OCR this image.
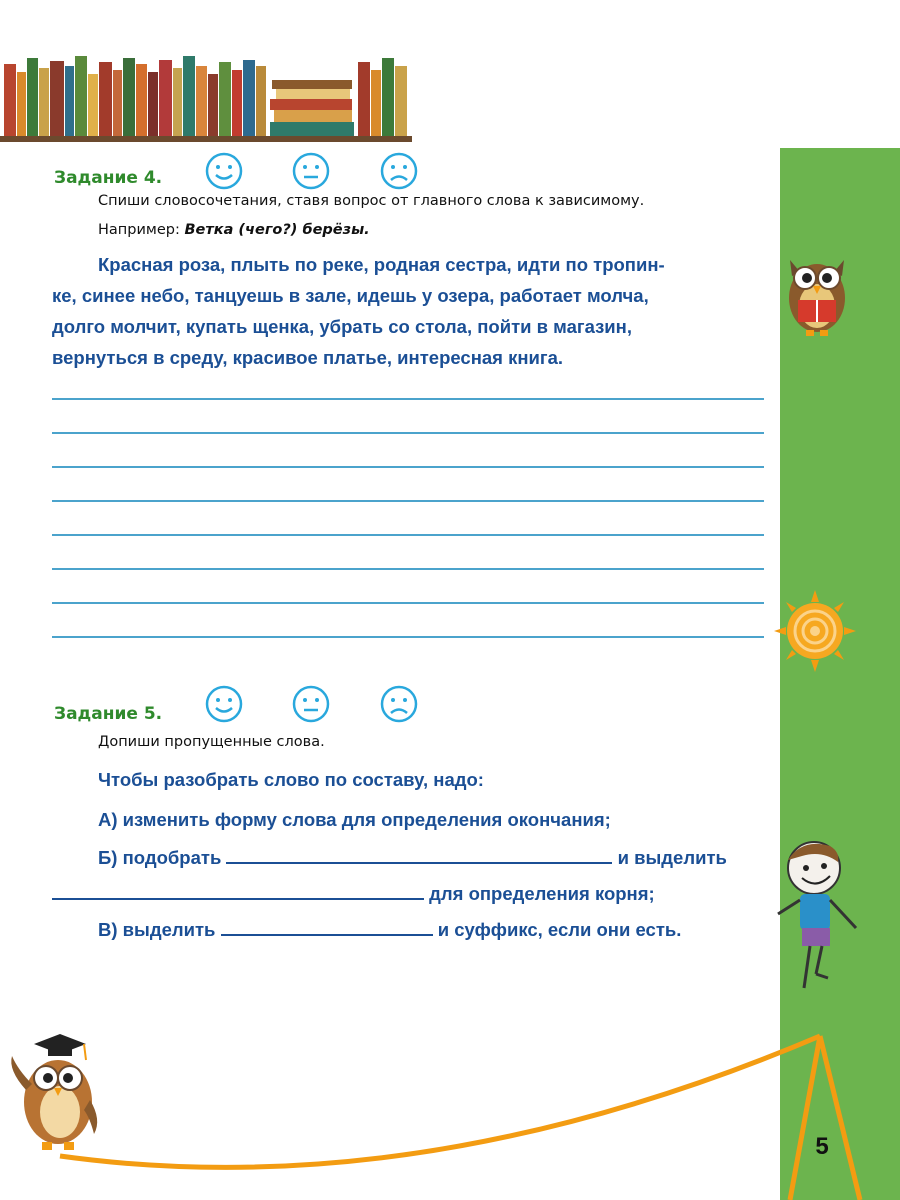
Задание 4.
Спиши словосочетания, ставя вопрос от главного слова к зависимому.
Например: Ветка (чего?) берёзы.
Красная роза, плыть по реке, родная сестра, идти по тропин-
ке, синее небо, танцуешь в зале, идешь у озера, работает молча,
долго молчит, купать щенка, убрать со стола, пойти в магазин,
вернуться в среду, красивое платье, интересная книга.
Задание 5.
Допиши пропущенные слова.
Чтобы разобрать слово по составу, надо:
А) изменить форму слова для определения окончания;
Б) подобрать	и выделить
для определения корня;
В) выделить	и суффикс, если они есть.
5
